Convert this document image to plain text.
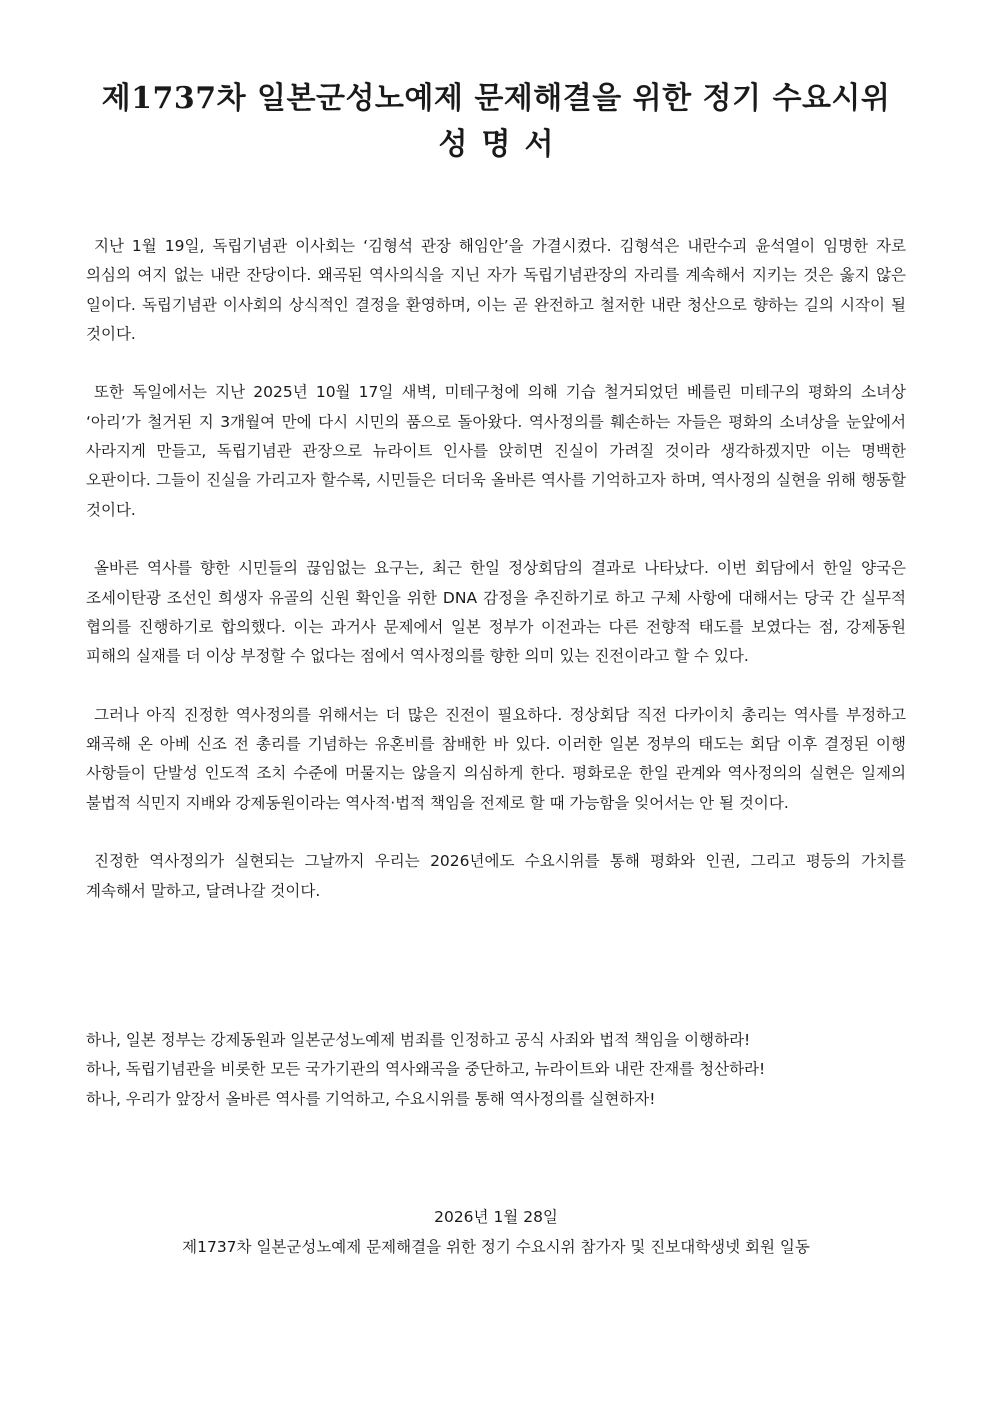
제1737차 일본군성노예제 문제해결을 위한 정기 수요시위
성명서

지난 1월 19일, 독립기념관 이사회는 ‘김형석 관장 해임안’을 가결시켰다. 김형석은 내란수괴 윤석열이 임명한 자로 의심의 여지 없는 내란 잔당이다. 왜곡된 역사의식을 지닌 자가 독립기념관장의 자리를 계속해서 지키는 것은 옳지 않은 일이다. 독립기념관 이사회의 상식적인 결정을 환영하며, 이는 곧 완전하고 철저한 내란 청산으로 향하는 길의 시작이 될 것이다.

또한 독일에서는 지난 2025년 10월 17일 새벽, 미테구청에 의해 기습 철거되었던 베를린 미테구의 평화의 소녀상 ‘아리’가 철거된 지 3개월여 만에 다시 시민의 품으로 돌아왔다. 역사정의를 훼손하는 자들은 평화의 소녀상을 눈앞에서 사라지게 만들고, 독립기념관 관장으로 뉴라이트 인사를 앉히면 진실이 가려질 것이라 생각하겠지만 이는 명백한 오판이다. 그들이 진실을 가리고자 할수록, 시민들은 더더욱 올바른 역사를 기억하고자 하며, 역사정의 실현을 위해 행동할 것이다.

올바른 역사를 향한 시민들의 끊임없는 요구는, 최근 한일 정상회담의 결과로 나타났다. 이번 회담에서 한일 양국은 조세이탄광 조선인 희생자 유골의 신원 확인을 위한 DNA 감정을 추진하기로 하고 구체 사항에 대해서는 당국 간 실무적 협의를 진행하기로 합의했다. 이는 과거사 문제에서 일본 정부가 이전과는 다른 전향적 태도를 보였다는 점, 강제동원 피해의 실재를 더 이상 부정할 수 없다는 점에서 역사정의를 향한 의미 있는 진전이라고 할 수 있다.

그러나 아직 진정한 역사정의를 위해서는 더 많은 진전이 필요하다. 정상회담 직전 다카이치 총리는 역사를 부정하고 왜곡해 온 아베 신조 전 총리를 기념하는 유혼비를 참배한 바 있다. 이러한 일본 정부의 태도는 회담 이후 결정된 이행 사항들이 단발성 인도적 조치 수준에 머물지는 않을지 의심하게 한다. 평화로운 한일 관계와 역사정의의 실현은 일제의 불법적 식민지 지배와 강제동원이라는 역사적·법적 책임을 전제로 할 때 가능함을 잊어서는 안 될 것이다.

진정한 역사정의가 실현되는 그날까지 우리는 2026년에도 수요시위를 통해 평화와 인권, 그리고 평등의 가치를 계속해서 말하고, 달려나갈 것이다.

하나, 일본 정부는 강제동원과 일본군성노예제 범죄를 인정하고 공식 사죄와 법적 책임을 이행하라!

하나, 독립기념관을 비롯한 모든 국가기관의 역사왜곡을 중단하고, 뉴라이트와 내란 잔재를 청산하라!

하나, 우리가 앞장서 올바른 역사를 기억하고, 수요시위를 통해 역사정의를 실현하자!

2026년 1월 28일

제1737차 일본군성노예제 문제해결을 위한 정기 수요시위 참가자 및 진보대학생넷 회원 일동
